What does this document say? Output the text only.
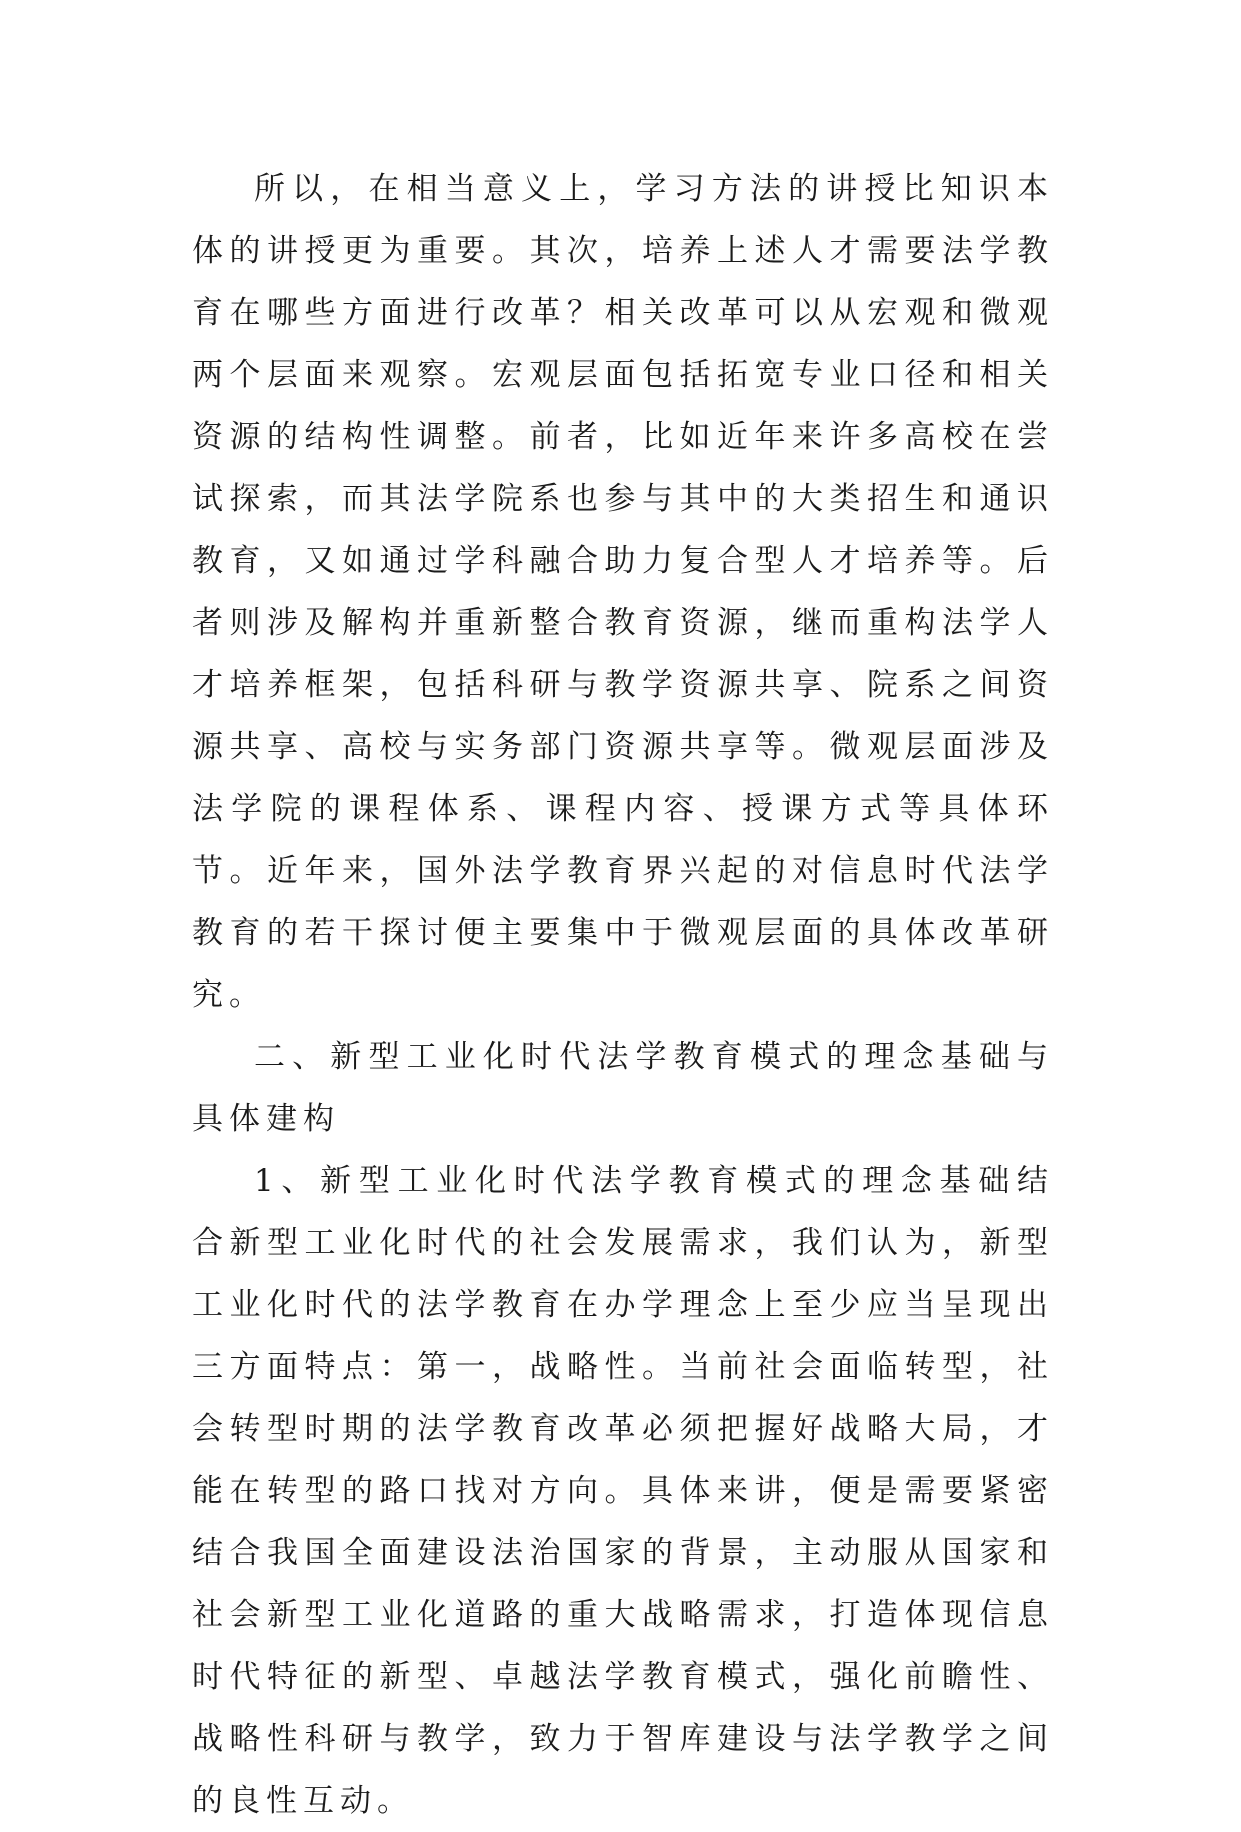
所以，在相当意义上，学习方法的讲授比知识本体的讲授更为重要。其次，培养上述人才需要法学教育在哪些方面进行改革？相关改革可以从宏观和微观两个层面来观察。宏观层面包括拓宽专业口径和相关资源的结构性调整。前者，比如近年来许多高校在尝试探索，而其法学院系也参与其中的大类招生和通识教育，又如通过学科融合助力复合型人才培养等。后者则涉及解构并重新整合教育资源，继而重构法学人才培养框架，包括科研与教学资源共享、院系之间资源共享、高校与实务部门资源共享等。微观层面涉及法学院的课程体系、课程内容、授课方式等具体环节。近年来，国外法学教育界兴起的对信息时代法学教育的若干探讨便主要集中于微观层面的具体改革研究。

二、新型工业化时代法学教育模式的理念基础与具体建构

1、新型工业化时代法学教育模式的理念基础结合新型工业化时代的社会发展需求，我们认为，新型工业化时代的法学教育在办学理念上至少应当呈现出三方面特点：第一，战略性。当前社会面临转型，社会转型时期的法学教育改革必须把握好战略大局，才能在转型的路口找对方向。具体来讲，便是需要紧密结合我国全面建设法治国家的背景，主动服从国家和社会新型工业化道路的重大战略需求，打造体现信息时代特征的新型、卓越法学教育模式，强化前瞻性、战略性科研与教学，致力于智库建设与法学教学之间的良性互动。
